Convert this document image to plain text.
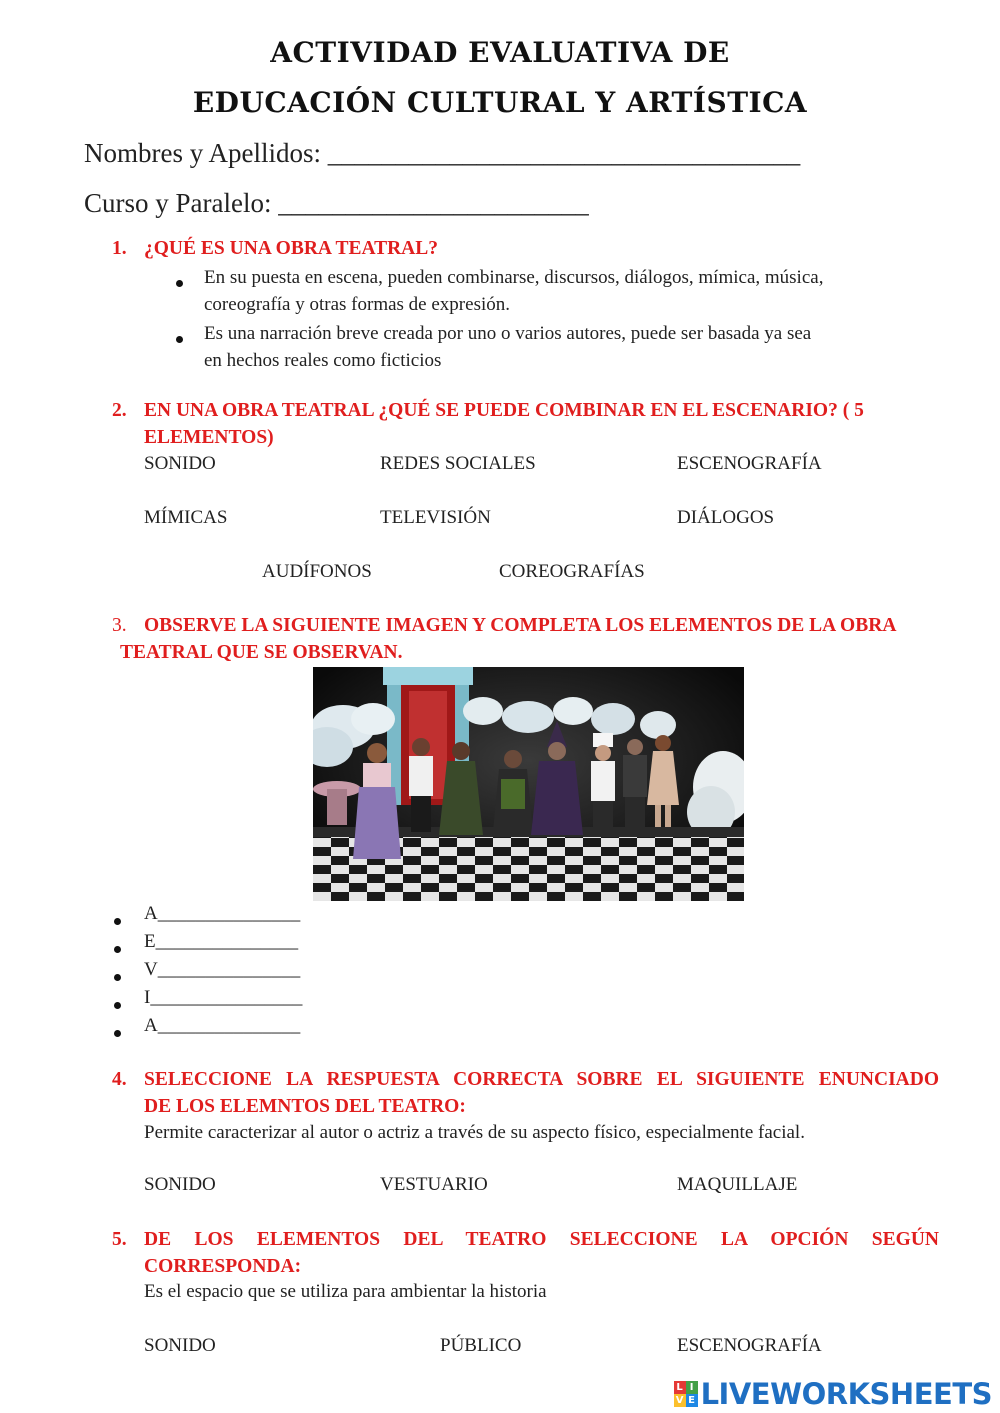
ACTIVIDAD EVALUATIVA DE
EDUCACIÓN CULTURAL Y ARTÍSTICA
Nombres y Apellidos: ___________________________________
Curso y Paralelo: _______________________
1. ¿QUÉ ES UNA OBRA TEATRAL?
En su puesta en escena, pueden combinarse, discursos, diálogos, mímica, música,
coreografía y otras formas de expresión.
Es una narración breve creada por uno o varios autores, puede ser basada ya sea
en hechos reales como ficticios
2. EN UNA OBRA TEATRAL ¿QUÉ SE PUEDE COMBINAR EN EL ESCENARIO? ( 5
ELEMENTOS)
SONIDO	REDES SOCIALES	ESCENOGRAFÍA
MÍMICAS	TELEVISIÓN	DIÁLOGOS
AUDÍFONOS	COREOGRAFÍAS
3. OBSERVE LA SIGUIENTE IMAGEN Y COMPLETA LOS ELEMENTOS DE LA OBRA
TEATRAL QUE SE OBSERVAN.
A_______________
E_______________
V_______________
I________________
A_______________
4. SELECCIONE LA RESPUESTA CORRECTA SOBRE EL SIGUIENTE ENUNCIADO
DE LOS ELEMNTOS DEL TEATRO:
Permite caracterizar al autor o actriz a través de su aspecto físico, especialmente facial.
SONIDO	VESTUARIO	MAQUILLAJE
5. DE LOS ELEMENTOS DEL TEATRO SELECCIONE LA OPCIÓN SEGÚN
CORRESPONDA:
Es el espacio que se utiliza para ambientar la historia
SONIDO	PÚBLICO	ESCENOGRAFÍA
L I
V E LIVEWORKSHEETS
